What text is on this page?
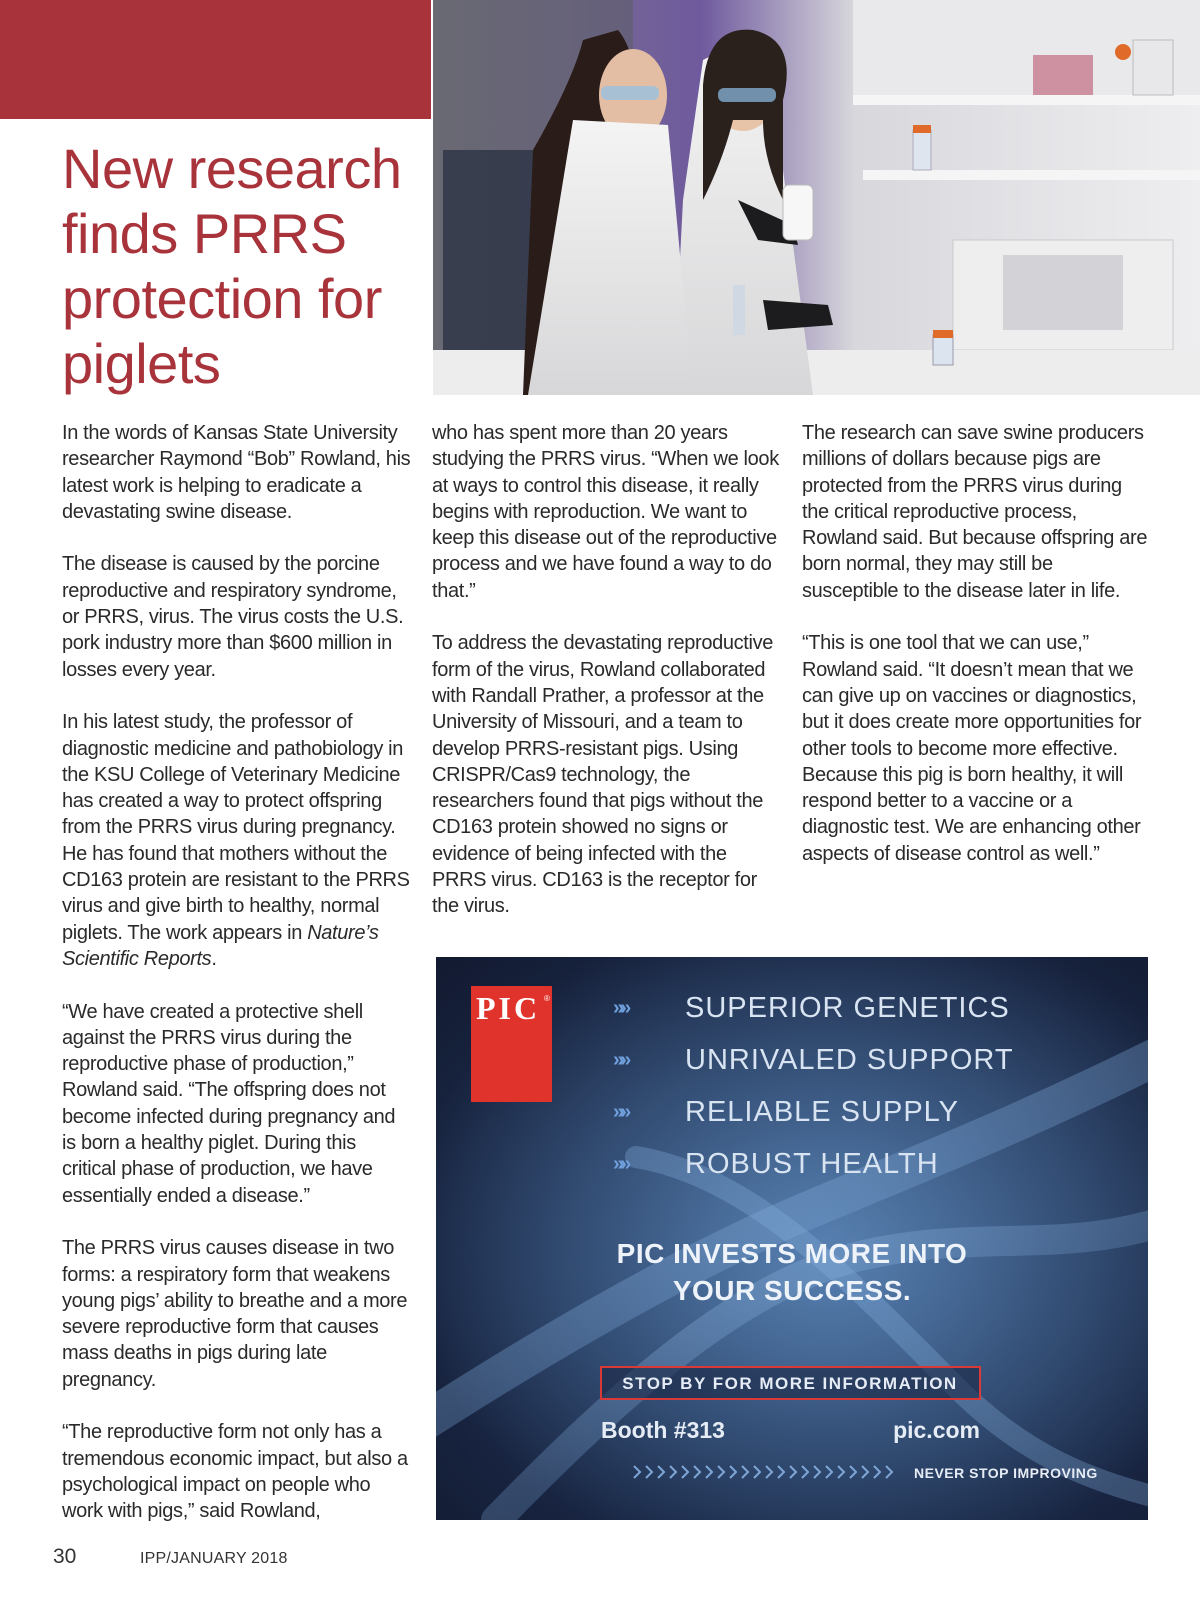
New research finds PRRS protection for piglets

In the words of Kansas State University researcher Raymond “Bob” Rowland, his latest work is helping to eradicate a devastating swine disease.

The disease is caused by the porcine reproductive and respiratory syndrome, or PRRS, virus. The virus costs the U.S. pork industry more than $600 million in losses every year.

In his latest study, the professor of diagnostic medicine and pathobiology in the KSU College of Veterinary Medicine has created a way to protect offspring from the PRRS virus during pregnancy. He has found that mothers without the CD163 protein are resistant to the PRRS virus and give birth to healthy, normal piglets. The work appears in Nature’s Scientific Reports.

“We have created a protective shell against the PRRS virus during the reproductive phase of production,” Rowland said. “The offspring does not become infected during pregnancy and is born a healthy piglet. During this critical phase of production, we have essentially ended a disease.”

The PRRS virus causes disease in two forms: a respiratory form that weakens young pigs’ ability to breathe and a more severe reproductive form that causes mass deaths in pigs during late pregnancy.

“The reproductive form not only has a tremendous economic impact, but also a psychological impact on people who work with pigs,” said Rowland,

who has spent more than 20 years studying the PRRS virus. “When we look at ways to control this disease, it really begins with reproduction. We want to keep this disease out of the reproductive process and we have found a way to do that.”

To address the devastating reproductive form of the virus, Rowland collaborated with Randall Prather, a professor at the University of Missouri, and a team to develop PRRS-resistant pigs. Using CRISPR/Cas9 technology, the researchers found that pigs without the CD163 protein showed no signs or evidence of being infected with the PRRS virus. CD163 is the receptor for the virus.

The research can save swine producers millions of dollars because pigs are protected from the PRRS virus during the critical reproductive process, Rowland said. But because offspring are born normal, they may still be susceptible to the disease later in life.

“This is one tool that we can use,” Rowland said. “It doesn’t mean that we can give up on vaccines or diagnostics, but it does create more opportunities for other tools to become more effective. Because this pig is born healthy, it will respond better to a vaccine or a diagnostic test. We are enhancing other aspects of disease control as well.”

PIC ®	»»
»»
»»
»»
SUPERIOR GENETICS
UNRIVALED SUPPORT
RELIABLE SUPPLY
ROBUST HEALTH
PIC INVESTS MORE INTO
YOUR SUCCESS.
STOP BY FOR MORE INFORMATION
Booth #313	pic.com
NEVER STOP IMPROVING
30	IPP/JANUARY 2018
